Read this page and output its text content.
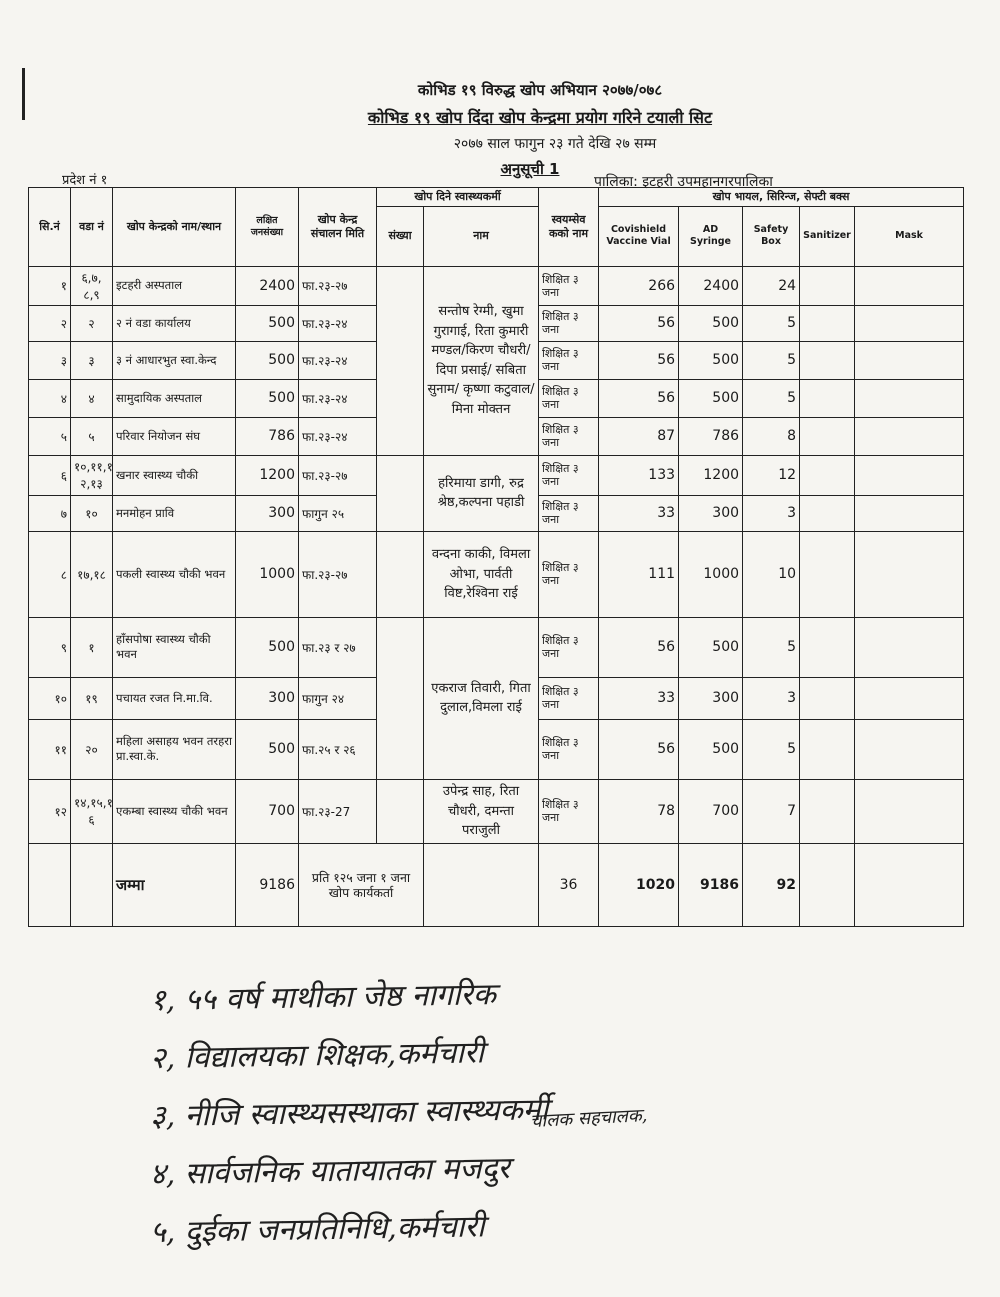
कोभिड १९ विरुद्ध खोप अभियान २०७७/०७८
कोभिड १९ खोप दिंदा खोप केन्द्रमा प्रयोग गरिने टयाली सिट
२०७७ साल फागुन २३ गते देखि २७ सम्म
अनुसूची 1
प्रदेश नं १	पालिका: इटहरी उपमहानगरपालिका
सि.नं	वडा नं	खोप केन्द्रको नाम/स्थान	लक्षित जनसंख्या	खोप केन्द्र संचालन मिति	खोप दिने स्वास्थ्यकर्मी		स्वयम्सेव कको नाम	खोप भायल, सिरिन्ज, सेफ्टी बक्स				
					संख्या	नाम		Covishield Vaccine Vial	AD Syringe	Safety Box	Sanitizer	Mask
१	६,७, ८,९	इटहरी अस्पताल	2400	फा.२३-२७		सन्तोष रेग्मी, खुमा गुरागाई, रिता कुमारी मण्डल/किरण चौधरी/दिपा प्रसाई/ सबिता सुनाम/ कृष्णा कटुवाल/ मिना मोक्तन	शिक्षित ३ जना	266	2400	24		
२	२	२ नं वडा कार्यालय	500	फा.२३-२४			शिक्षित ३ जना	56	500	5		
३	३	३ नं आधारभुत स्वा.केन्द	500	फा.२३-२४			शिक्षित ३ जना	56	500	5		
४	४	सामुदायिक अस्पताल	500	फा.२३-२४			शिक्षित ३ जना	56	500	5		
५	५	परिवार नियोजन संघ	786	फा.२३-२४			शिक्षित ३ जना	87	786	8		
६	१०,११,१ २,१३	खनार स्वास्थ्य चौकी	1200	फा.२३-२७		हरिमाया डागी, रुद्र श्रेष्ठ,कल्पना पहाडी	शिक्षित ३ जना	133	1200	12		
७	१०	मनमोहन प्रावि	300	फागुन २५			शिक्षित ३ जना	33	300	3		
८	१७,१८	पकली स्वास्थ्य चौकी भवन	1000	फा.२३-२७		वन्दना काकी, विमला ओभा, पार्वती विष्ट,रेश्विना राई	शिक्षित ३ जना	111	1000	10		
९	१	हाँसपोषा स्वास्थ्य चौकी भवन	500	फा.२३ र २७		एकराज तिवारी, गिता दुलाल,विमला राई	शिक्षित ३ जना	56	500	5		
१०	१९	पचायत रजत नि.मा.वि.	300	फागुन २४			शिक्षित ३ जना	33	300	3		
११	२०	महिला असाहय भवन तरहरा प्रा.स्वा.के.	500	फा.२५ र २६			शिक्षित ३ जना	56	500	5		
१२	१४,१५,१ ६	एकम्बा स्वास्थ्य चौकी भवन	700	फा.२३-27		उपेन्द्र साह, रिता चौधरी, दमन्ता पराजुली	शिक्षित ३ जना	78	700	7		
		जम्मा	9186	प्रति १२५ जना १ जना खोप कार्यकर्ता			36	1020	9186	92		
१, ५५ वर्ष माथीका जेष्ठ नागरिक
२, विद्यालयका शिक्षक,कर्मचारी
३, नीजि स्वास्थ्यसस्थाका स्वास्थ्यकर्मी
४, सार्वजनिक यातायातका मजदुर
५, दुईका जनप्रतिनिधि,कर्मचारी
चालक सहचालक,
